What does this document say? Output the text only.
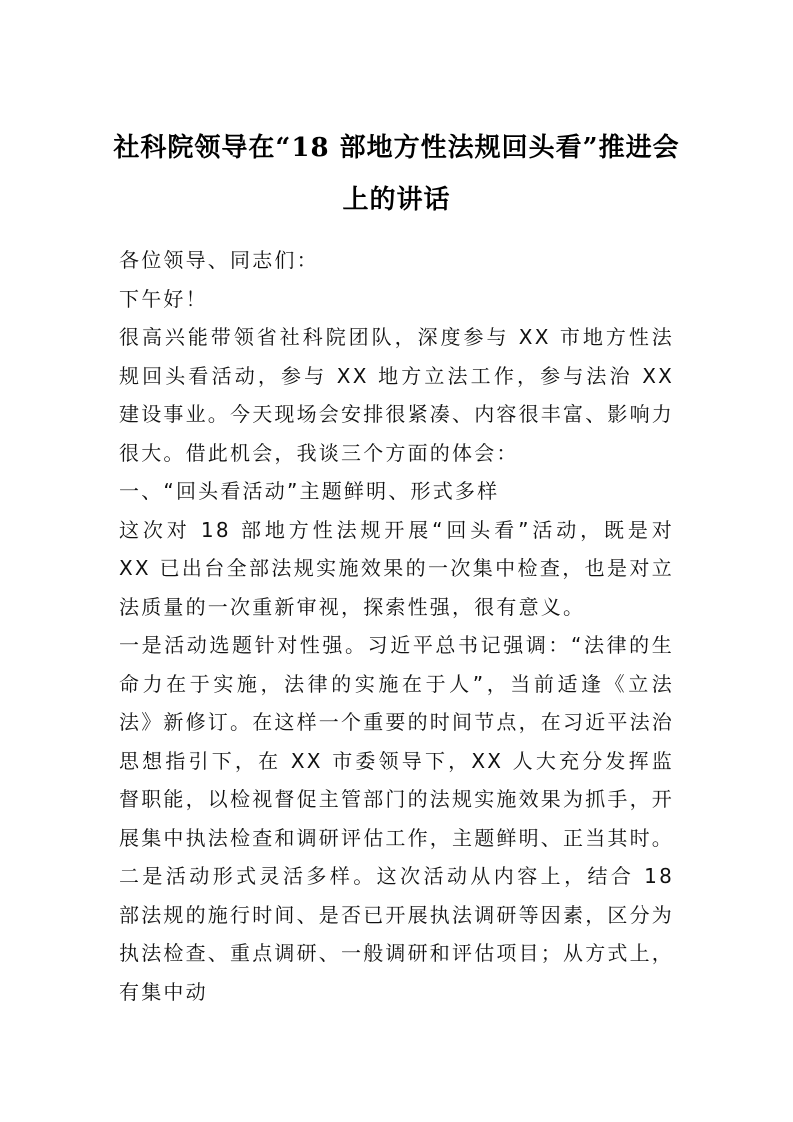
社科院领导在“18 部地方性法规回头看”推进会上的讲话

各位领导、同志们：

下午好！

很高兴能带领省社科院团队，深度参与 XX 市地方性法规回头看活动，参与 XX 地方立法工作，参与法治 XX 建设事业。今天现场会安排很紧凑、内容很丰富、影响力很大。借此机会，我谈三个方面的体会：

一、“回头看活动”主题鲜明、形式多样

这次对 18 部地方性法规开展“回头看”活动，既是对 XX 已出台全部法规实施效果的一次集中检查，也是对立法质量的一次重新审视，探索性强，很有意义。

一是活动选题针对性强。习近平总书记强调：“法律的生命力在于实施，法律的实施在于人”，当前适逢《立法法》新修订。在这样一个重要的时间节点，在习近平法治思想指引下，在 XX 市委领导下，XX 人大充分发挥监督职能，以检视督促主管部门的法规实施效果为抓手，开展集中执法检查和调研评估工作，主题鲜明、正当其时。

二是活动形式灵活多样。这次活动从内容上，结合 18 部法规的施行时间、是否已开展执法调研等因素，区分为执法检查、重点调研、一般调研和评估项目；从方式上，有集中动
